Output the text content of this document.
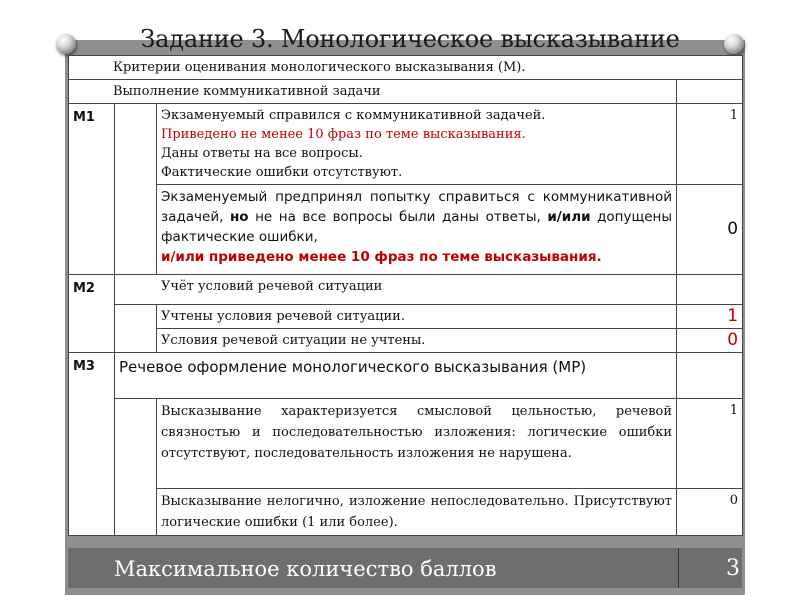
Задание 3. Монологическое высказывание
Критерии оценивания монологического высказывания (М).			
Выполнение коммуникативной задачи			
М1		Экзаменуемый справился с коммуникативной задачей.
Приведено не менее 10 фраз по теме высказывания.
Даны ответы на все вопросы.
Фактические ошибки отсутствуют.	1
		Экзаменуемый предпринял попытку справиться с коммуникативной задачей, но не на все вопросы были даны ответы, и/или допущены фактические ошибки,
и/или приведено менее 10 фраз по теме высказывания.	0
М2	Учёт условий речевой ситуации		
		Учтены условия речевой ситуации.	1
		Условия речевой ситуации не учтены.	0
М3	Речевое оформление монологического высказывания (МР)		
		Высказывание характеризуется смысловой цельностью, речевой связностью и последовательностью изложения: логические ошибки отсутствуют, последовательность изложения не нарушена.	1
		Высказывание нелогично, изложение непоследовательно. Присутствуют логические ошибки (1 или более).	0
Максимальное количество баллов	3
